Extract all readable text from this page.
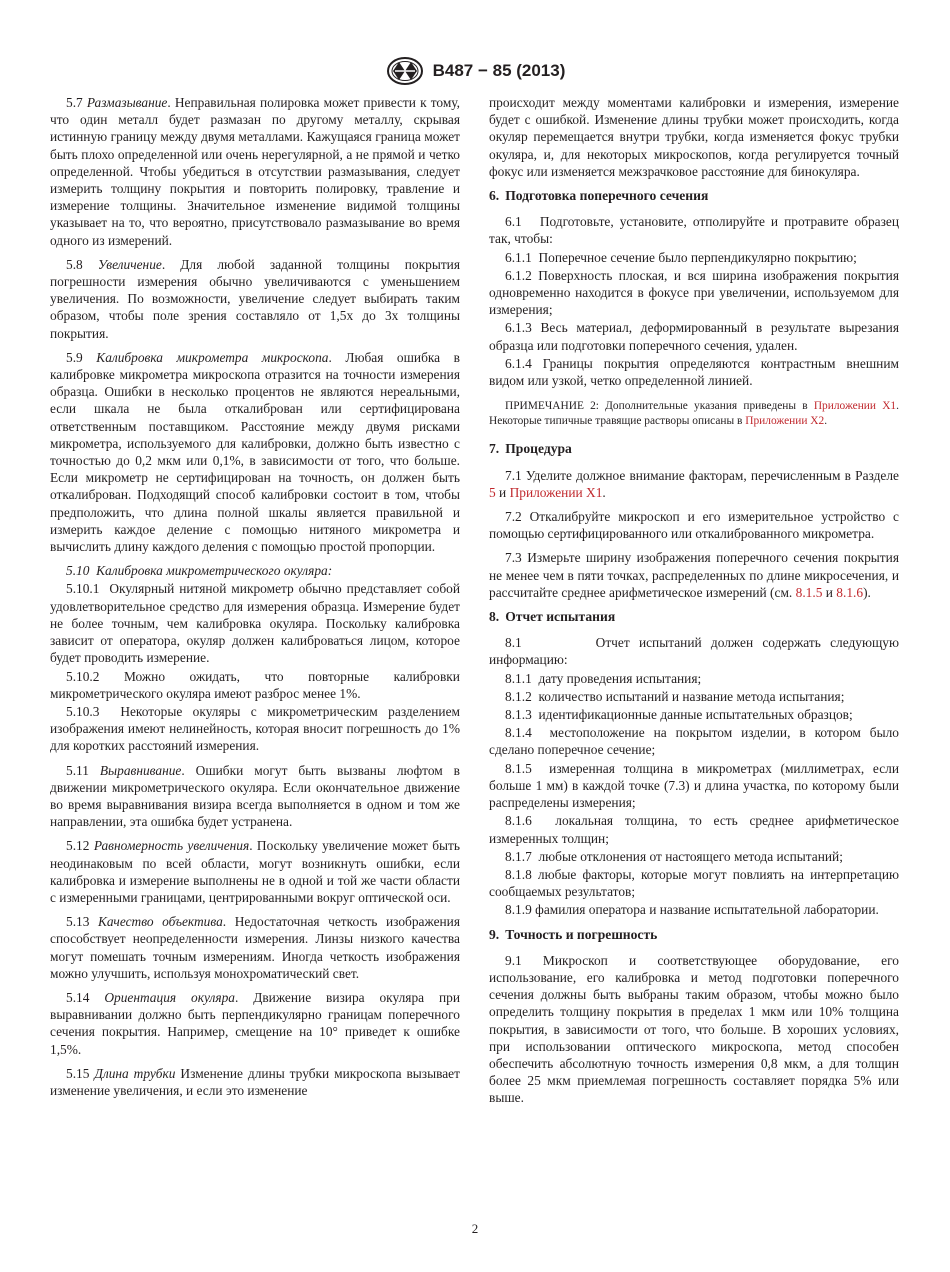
B487 − 85 (2013)

5.7 Размазывание. Неправильная полировка может привести к тому, что один металл будет размазан по другому металлу, скрывая истинную границу между двумя металлами. Кажущаяся граница может быть плохо определенной или очень нерегулярной, а не прямой и четко определенной. Чтобы убедиться в отсутствии размазывания, следует измерить толщину покрытия и повторить полировку, травление и измерение толщины. Значительное изменение видимой толщины указывает на то, что вероятно, присутствовало размазывание во время одного из измерений.

5.8 Увеличение. Для любой заданной толщины покрытия погрешности измерения обычно увеличиваются с уменьшением увеличения. По возможности, увеличение следует выбирать таким образом, чтобы поле зрения составляло от 1,5х до 3х толщины покрытия.

5.9 Калибровка микрометра микроскопа. Любая ошибка в калибровке микрометра микроскопа отразится на точности измерения образца. Ошибки в несколько процентов не являются нереальными, если шкала не была откалиброван или сертифицирована ответственным поставщиком. Расстояние между двумя рисками микрометра, используемого для калибровки, должно быть известно с точностью до 0,2 мкм или 0,1%, в зависимости от того, что больше. Если микрометр не сертифицирован на точность, он должен быть откалиброван. Подходящий способ калибровки состоит в том, чтобы предположить, что длина полной шкалы является правильной и измерить каждое деление с помощью нитяного микрометра и вычислить длину каждого деления с помощью простой пропорции.

5.10 Калибровка микрометрического окуляра:

5.10.1 Окулярный нитяной микрометр обычно представляет собой удовлетворительное средство для измерения образца. Измерение будет не более точным, чем калибровка окуляра. Поскольку калибровка зависит от оператора, окуляр должен калиброваться лицом, которое будет проводить измерение.

5.10.2 Можно ожидать, что повторные калибровки микрометрического окуляра имеют разброс менее 1%.

5.10.3 Некоторые окуляры с микрометрическим разделением изображения имеют нелинейность, которая вносит погрешность до 1% для коротких расстояний измерения.

5.11 Выравнивание. Ошибки могут быть вызваны люфтом в движении микрометрического окуляра. Если окончательное движение во время выравнивания визира всегда выполняется в одном и том же направлении, эта ошибка будет устранена.

5.12 Равномерность увеличения. Поскольку увеличение может быть неодинаковым по всей области, могут возникнуть ошибки, если калибровка и измерение выполнены не в одной и той же части области с измеренными границами, центрированными вокруг оптической оси.

5.13 Качество объектива. Недостаточная четкость изображения способствует неопределенности измерения. Линзы низкого качества могут помешать точным измерениям. Иногда четкость изображения можно улучшить, используя монохроматический свет.

5.14 Ориентация окуляра. Движение визира окуляра при выравнивании должно быть перпендикулярно границам поперечного сечения покрытия. Например, смещение на 10° приведет к ошибке 1,5%.

5.15 Длина трубки Изменение длины трубки микроскопа вызывает изменение увеличения, и если это изменение

происходит между моментами калибровки и измерения, измерение будет с ошибкой. Изменение длины трубки может происходить, когда окуляр перемещается внутри трубки, когда изменяется фокус трубки окуляра, и, для некоторых микроскопов, когда регулируется точный фокус или изменяется межзрачковое расстояние для бинокуляра.

6. Подготовка поперечного сечения

6.1 Подготовьте, установите, отполируйте и протравите образец так, чтобы:

6.1.1 Поперечное сечение было перпендикулярно покрытию;

6.1.2 Поверхность плоская, и вся ширина изображения покрытия одновременно находится в фокусе при увеличении, используемом для измерения;

6.1.3 Весь материал, деформированный в результате вырезания образца или подготовки поперечного сечения, удален.

6.1.4 Границы покрытия определяются контрастным внешним видом или узкой, четко определенной линией.

ПРИМЕЧАНИЕ 2: Дополнительные указания приведены в Приложении X1. Некоторые типичные травящие растворы описаны в Приложении X2.

7. Процедура

7.1 Уделите должное внимание факторам, перечисленным в Разделе 5 и Приложении X1.

7.2 Откалибруйте микроскоп и его измерительное устройство с помощью сертифицированного или откалиброванного микрометра.

7.3 Измерьте ширину изображения поперечного сечения покрытия не менее чем в пяти точках, распределенных по длине микросечения, и рассчитайте среднее арифметическое измерений (см. 8.1.5 и 8.1.6).

8. Отчет испытания

8.1	Отчет испытаний должен содержать следующую информацию:

8.1.1 дату проведения испытания;

8.1.2 количество испытаний и название метода испытания;

8.1.3 идентификационные данные испытательных образцов;

8.1.4 местоположение на покрытом изделии, в котором было сделано поперечное сечение;

8.1.5 измеренная толщина в микрометрах (миллиметрах, если больше 1 мм) в каждой точке (7.3) и длина участка, по которому были распределены измерения;

8.1.6 локальная толщина, то есть среднее арифметическое измеренных толщин;

8.1.7 любые отклонения от настоящего метода испытаний;

8.1.8 любые факторы, которые могут повлиять на интерпретацию сообщаемых результатов;

8.1.9 фамилия оператора и название испытательной лаборатории.

9. Точность и погрешность

9.1 Микроскоп и соответствующее оборудование, его использование, его калибровка и метод подготовки поперечного сечения должны быть выбраны таким образом, чтобы можно было определить толщину покрытия в пределах 1 мкм или 10% толщина покрытия, в зависимости от того, что больше. В хороших условиях, при использовании оптического микроскопа, метод способен обеспечить абсолютную точность измерения 0,8 мкм, а для толщин более 25 мкм приемлемая погрешность составляет порядка 5% или выше.

2
